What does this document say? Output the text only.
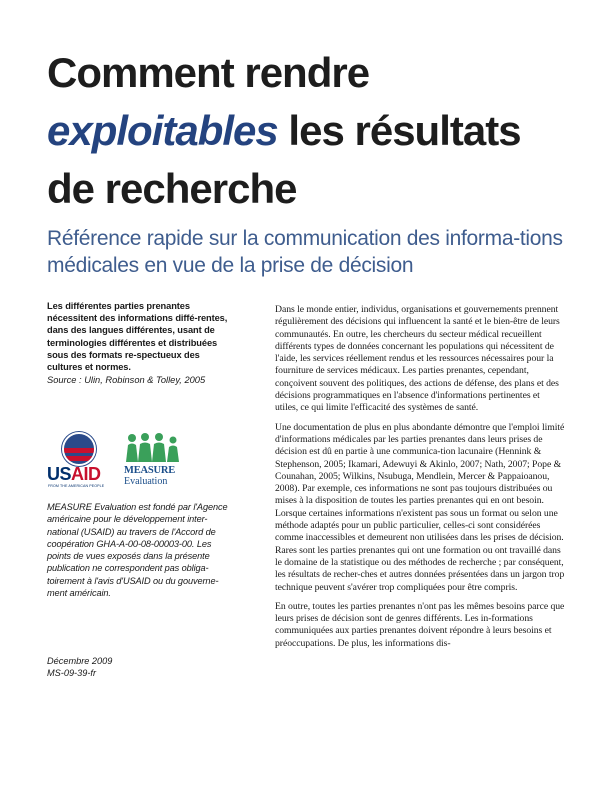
Comment rendre
exploitables les résultats
de recherche

Référence rapide sur la communication des informa-tions médicales en vue de la prise de décision

Les différentes parties prenantes nécessitent des informations diffé-rentes, dans des langues différentes, usant de terminologies différentes et distribuées sous des formats re-spectueux des cultures et normes.

Source : Ulin, Robinson & Tolley, 2005

USAID
FROM THE AMERICAN PEOPLE
MEASURE
Evaluation

MEASURE Evaluation est fondé par l'Agence américaine pour le développement inter-national (USAID) au travers de l'Accord de coopération GHA-A-00-08-00003-00. Les points de vues exposés dans la présente publication ne correspondent pas obliga-toirement à l'avis d'USAID ou du gouverne-ment américain.

Décembre 2009
MS-09-39-fr

Dans le monde entier, individus, organisations et gouvernements prennent régulièrement des décisions qui influencent la santé et le bien-être de leurs communautés. En outre, les chercheurs du secteur médical recueillent différents types de données concernant les populations qui nécessitent de l'aide, les services réellement rendus et les ressources nécessaires pour la fourniture de services médicaux. Les parties prenantes, cependant, conçoivent souvent des politiques, des actions de défense, des plans et des décisions programmatiques en l'absence d'informations pertinentes et utiles, ce qui limite l'efficacité des systèmes de santé.

Une documentation de plus en plus abondante démontre que l'emploi limité d'informations médicales par les parties prenantes dans leurs prises de décision est dû en partie à une communica-tion lacunaire (Hennink & Stephenson, 2005; Ikamari, Adewuyi & Akinlo, 2007; Nath, 2007; Pope & Counahan, 2005; Wilkins, Nsubuga, Mendlein, Mercer & Pappaioanou, 2008). Par exemple, ces informations ne sont pas toujours distribuées ou mises à la disposition de toutes les parties prenantes qui en ont besoin. Lorsque certaines informations n'existent pas sous un format ou selon une méthode adaptés pour un public particulier, celles-ci sont considérées comme inaccessibles et demeurent non utilisées dans les prises de décision. Rares sont les parties prenantes qui ont une formation ou ont travaillé dans le domaine de la statistique ou des méthodes de recherche ; par conséquent, les résultats de recher-ches et autres données présentées dans un jargon trop technique peuvent s'avérer trop compliquées pour être compris.

En outre, toutes les parties prenantes n'ont pas les mêmes besoins parce que leurs prises de décision sont de genres différents. Les in-formations communiquées aux parties prenantes doivent répondre à leurs besoins et préoccupations. De plus, les informations dis-
